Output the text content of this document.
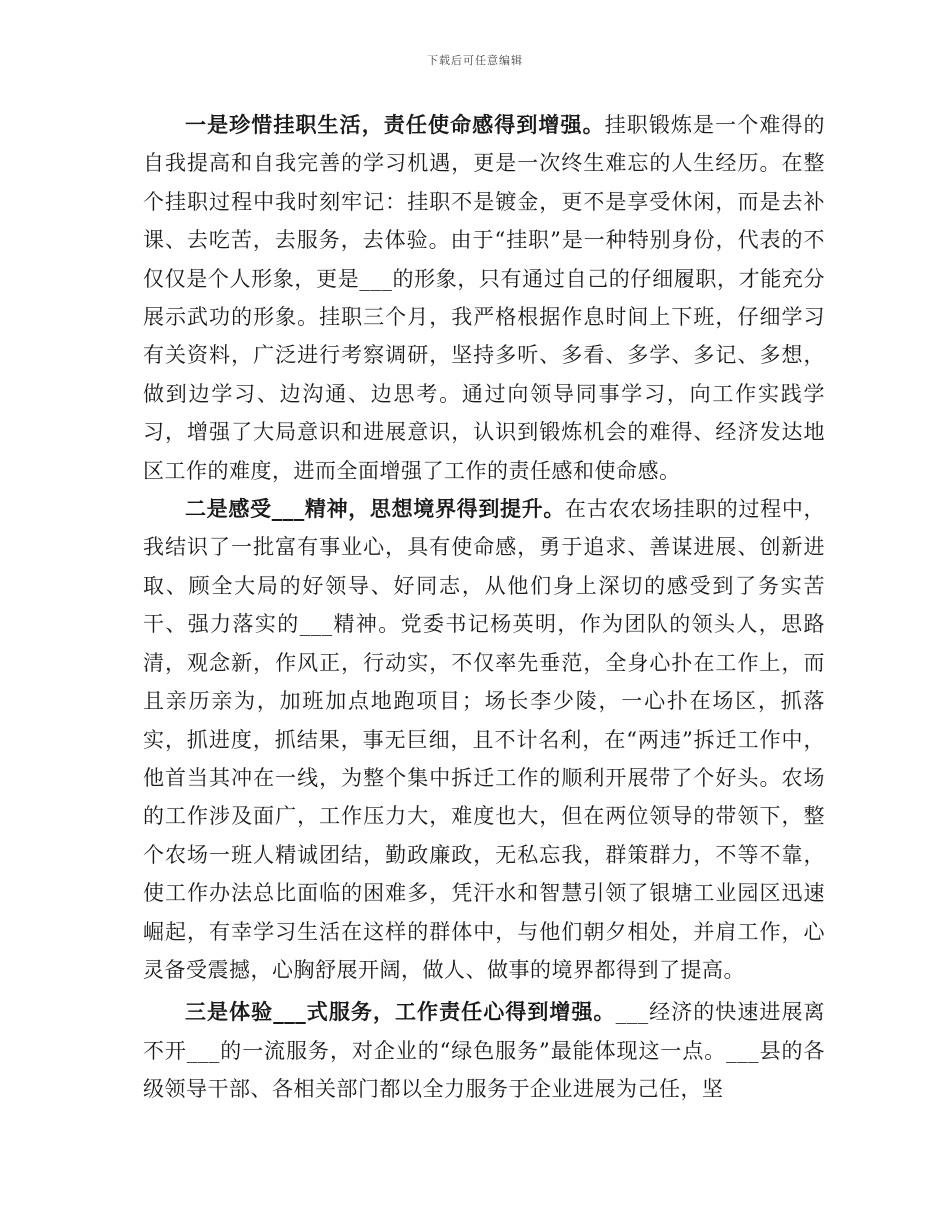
下载后可任意编辑

一是珍惜挂职生活，责任使命感得到增强。挂职锻炼是一个难得的自我提高和自我完善的学习机遇，更是一次终生难忘的人生经历。在整个挂职过程中我时刻牢记：挂职不是镀金，更不是享受休闲，而是去补课、去吃苦，去服务，去体验。由于“挂职”是一种特别身份，代表的不仅仅是个人形象，更是___的形象，只有通过自己的仔细履职，才能充分展示武功的形象。挂职三个月，我严格根据作息时间上下班，仔细学习有关资料，广泛进行考察调研，坚持多听、多看、多学、多记、多想，做到边学习、边沟通、边思考。通过向领导同事学习，向工作实践学习，增强了大局意识和进展意识，认识到锻炼机会的难得、经济发达地区工作的难度，进而全面增强了工作的责任感和使命感。

二是感受___精神，思想境界得到提升。在古农农场挂职的过程中，我结识了一批富有事业心，具有使命感，勇于追求、善谋进展、创新进取、顾全大局的好领导、好同志，从他们身上深切的感受到了务实苦干、强力落实的___精神。党委书记杨英明，作为团队的领头人，思路清，观念新，作风正，行动实，不仅率先垂范，全身心扑在工作上，而且亲历亲为，加班加点地跑项目；场长李少陵，一心扑在场区，抓落实，抓进度，抓结果，事无巨细，且不计名利，在“两违”拆迁工作中，他首当其冲在一线，为整个集中拆迁工作的顺利开展带了个好头。农场的工作涉及面广，工作压力大，难度也大，但在两位领导的带领下，整个农场一班人精诚团结，勤政廉政，无私忘我，群策群力，不等不靠，使工作办法总比面临的困难多，凭汗水和智慧引领了银塘工业园区迅速崛起，有幸学习生活在这样的群体中，与他们朝夕相处，并肩工作，心灵备受震撼，心胸舒展开阔，做人、做事的境界都得到了提高。

三是体验___式服务，工作责任心得到增强。___经济的快速进展离不开___的一流服务，对企业的“绿色服务”最能体现这一点。___县的各级领导干部、各相关部门都以全力服务于企业进展为己任，坚
